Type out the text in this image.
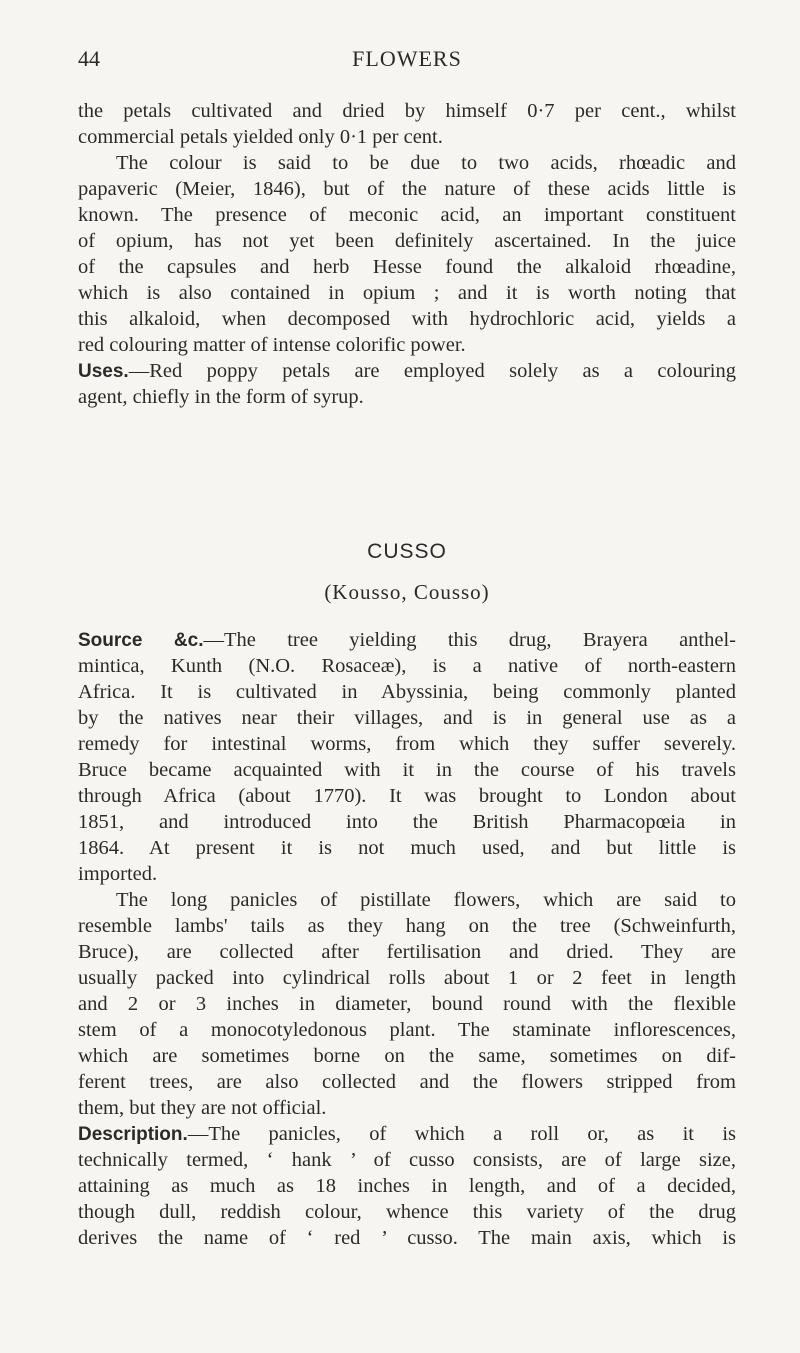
44	FLOWERS
the petals cultivated and dried by himself 0·7 per cent., whilst
commercial petals yielded only 0·1 per cent.
The colour is said to be due to two acids, rhœadic and
papaveric (Meier, 1846), but of the nature of these acids little is
known. The presence of meconic acid, an important constituent
of opium, has not yet been definitely ascertained. In the juice
of the capsules and herb Hesse found the alkaloid rhœadine,
which is also contained in opium ; and it is worth noting that
this alkaloid, when decomposed with hydrochloric acid, yields a
red colouring matter of intense colorific power.
Uses.—Red poppy petals are employed solely as a colouring
agent, chiefly in the form of syrup.
CUSSO
(Kousso, Cousso)
Source &c.—The tree yielding this drug, Brayera anthel-
mintica, Kunth (N.O. Rosaceæ), is a native of north-eastern
Africa. It is cultivated in Abyssinia, being commonly planted
by the natives near their villages, and is in general use as a
remedy for intestinal worms, from which they suffer severely.
Bruce became acquainted with it in the course of his travels
through Africa (about 1770). It was brought to London about
1851, and introduced into the British Pharmacopœia in
1864. At present it is not much used, and but little is
imported.
The long panicles of pistillate flowers, which are said to
resemble lambs' tails as they hang on the tree (Schweinfurth,
Bruce), are collected after fertilisation and dried. They are
usually packed into cylindrical rolls about 1 or 2 feet in length
and 2 or 3 inches in diameter, bound round with the flexible
stem of a monocotyledonous plant. The staminate inflorescences,
which are sometimes borne on the same, sometimes on dif-
ferent trees, are also collected and the flowers stripped from
them, but they are not official.
Description.—The panicles, of which a roll or, as it is
technically termed, ‘ hank ’ of cusso consists, are of large size,
attaining as much as 18 inches in length, and of a decided,
though dull, reddish colour, whence this variety of the drug
derives the name of ‘ red ’ cusso. The main axis, which is
